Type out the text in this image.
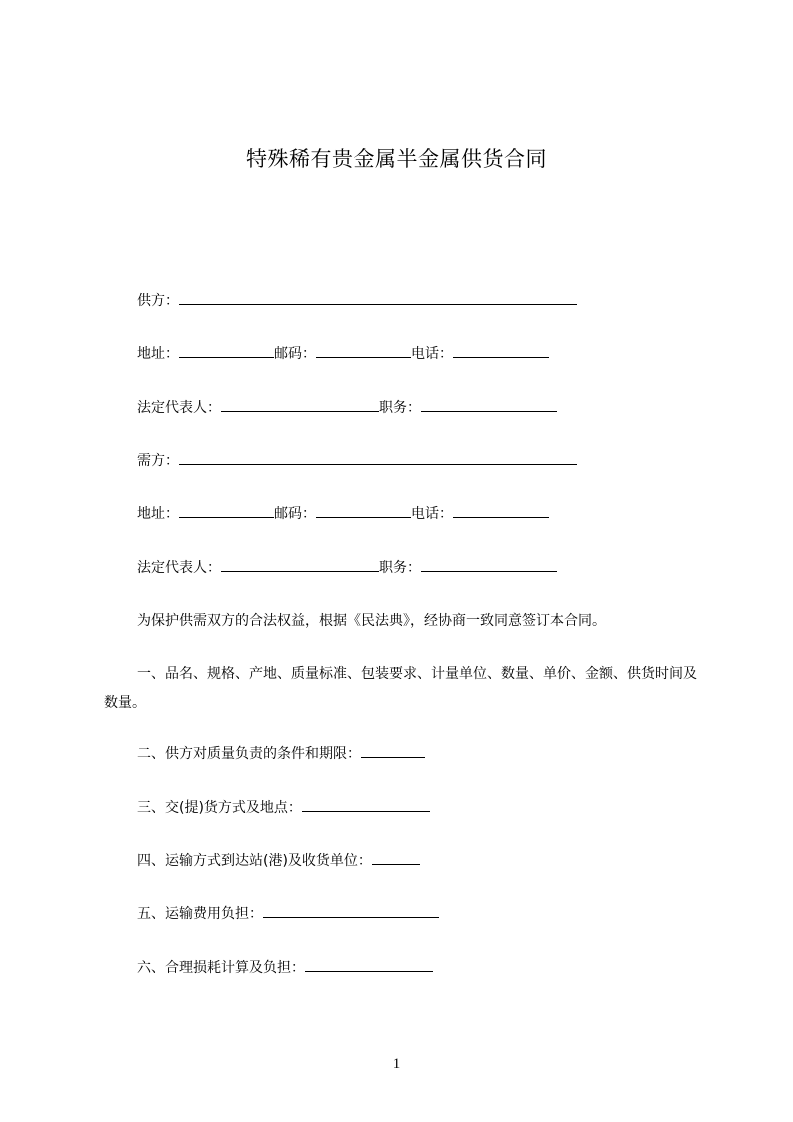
特殊稀有贵金属半金属供货合同
供方：
地址：	邮码：	电话：
法定代表人：	职务：
需方：
地址：	邮码：	电话：
法定代表人：	职务：
为保护供需双方的合法权益，根据《民法典》，经协商一致同意签订本合同。
一、品名、规格、产地、质量标准、包装要求、计量单位、数量、单价、金额、供货时间及数量。
二、供方对质量负责的条件和期限：
三、交(提)货方式及地点：
四、运输方式到达站(港)及收货单位：
五、运输费用负担：
六、合理损耗计算及负担：
1
